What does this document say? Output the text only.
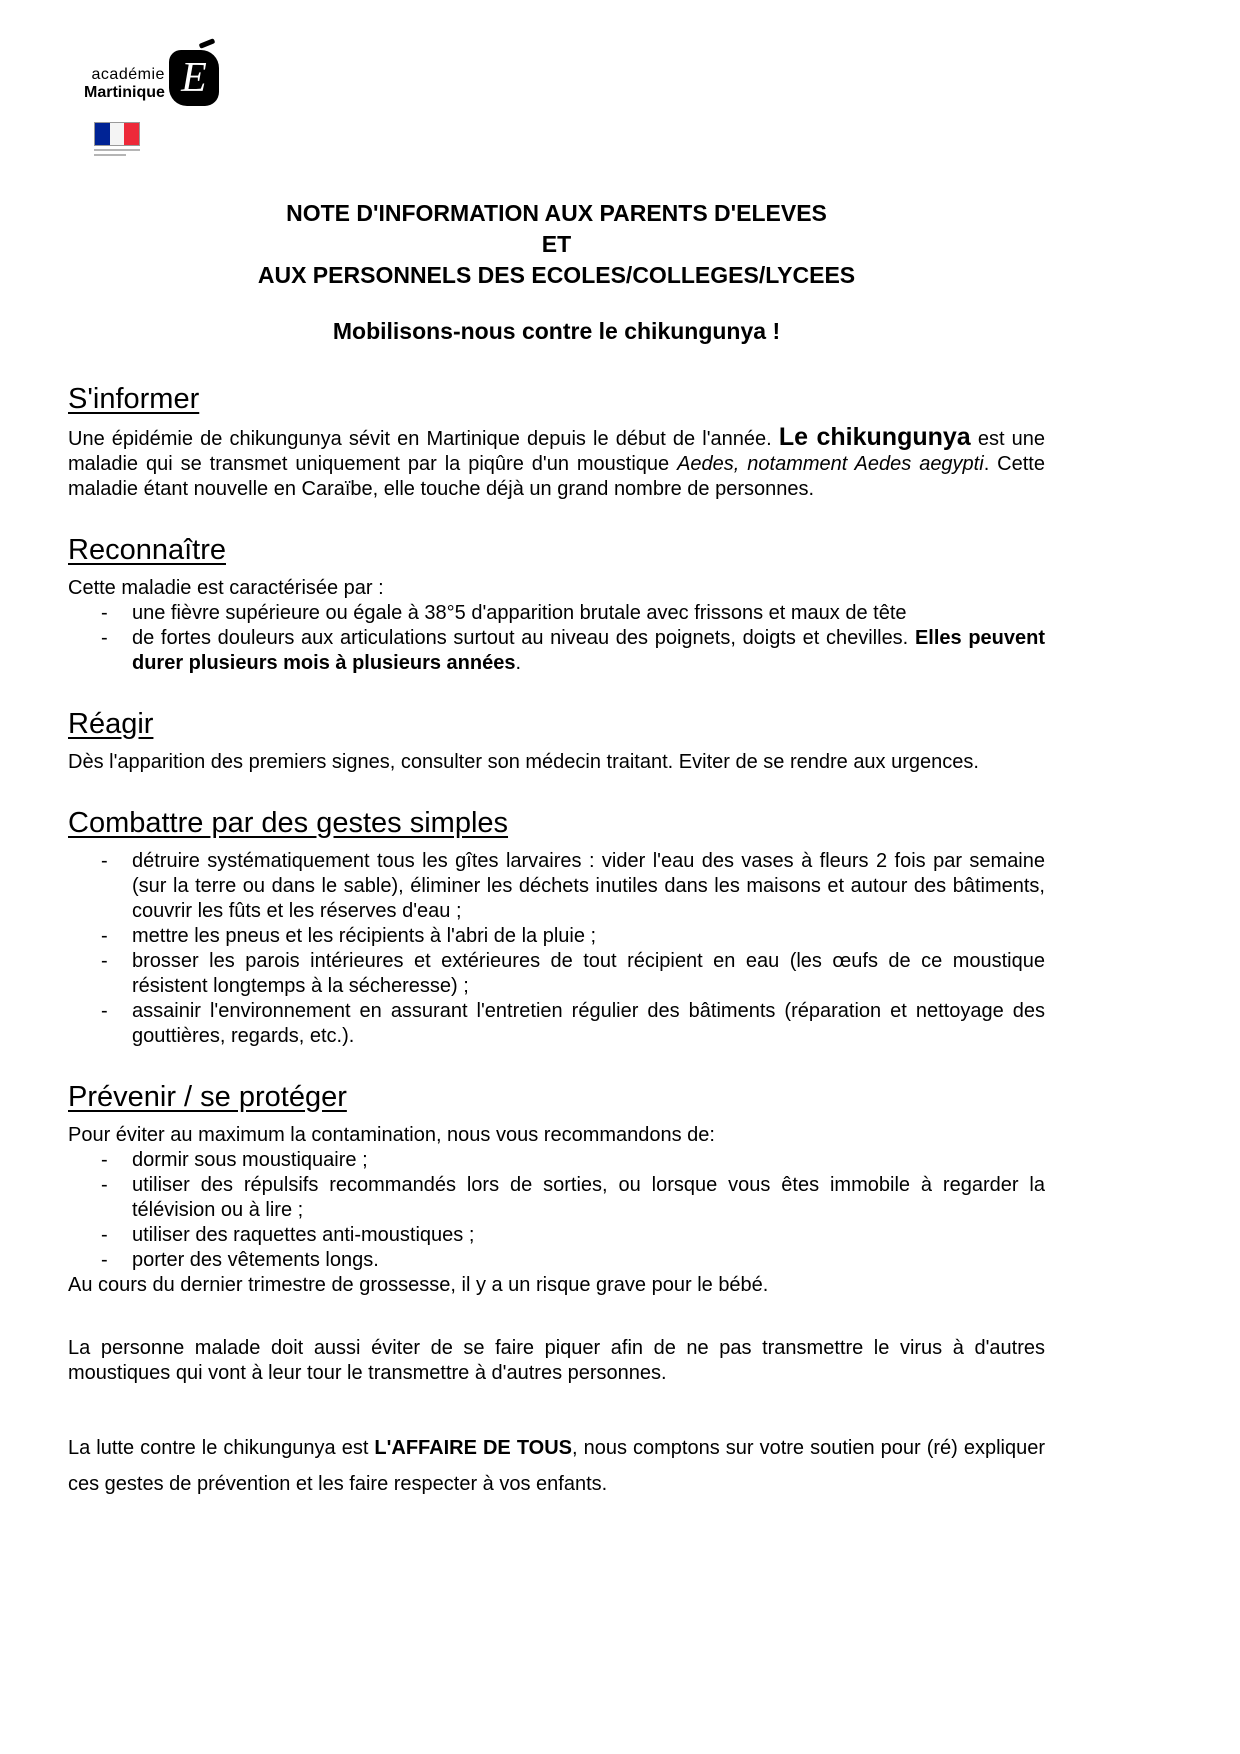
académie
Martinique E
NOTE D'INFORMATION AUX PARENTS D'ELEVES
ET
AUX PERSONNELS DES ECOLES/COLLEGES/LYCEES
Mobilisons-nous contre le chikungunya !
S'informer

Une épidémie de chikungunya sévit en Martinique depuis le début de l'année. Le chikungunya est une maladie qui se transmet uniquement par la piqûre d'un moustique Aedes, notamment Aedes aegypti. Cette maladie étant nouvelle en Caraïbe, elle touche déjà un grand nombre de personnes.

Reconnaître

Cette maladie est caractérisée par :

-	une fièvre supérieure ou égale à 38°5 d'apparition brutale avec frissons et maux de tête
-	de fortes douleurs aux articulations surtout au niveau des poignets, doigts et chevilles. Elles peuvent durer plusieurs mois à plusieurs années.
Réagir

Dès l'apparition des premiers signes, consulter son médecin traitant. Eviter de se rendre aux urgences.

Combattre par des gestes simples
-	détruire systématiquement tous les gîtes larvaires : vider l'eau des vases à fleurs 2 fois par semaine (sur la terre ou dans le sable), éliminer les déchets inutiles dans les maisons et autour des bâtiments, couvrir les fûts et les réserves d'eau ;
-	mettre les pneus et les récipients à l'abri de la pluie ;
-	brosser les parois intérieures et extérieures de tout récipient en eau (les œufs de ce moustique résistent longtemps à la sécheresse) ;
-	assainir l'environnement en assurant l'entretien régulier des bâtiments (réparation et nettoyage des gouttières, regards, etc.).
Prévenir / se protéger

Pour éviter au maximum la contamination, nous vous recommandons de:

-	dormir sous moustiquaire ;
-	utiliser des répulsifs recommandés lors de sorties, ou lorsque vous êtes immobile à regarder la télévision ou à lire ;
-	utiliser des raquettes anti-moustiques ;
-	porter des vêtements longs.

Au cours du dernier trimestre de grossesse, il y a un risque grave pour le bébé.

La personne malade doit aussi éviter de se faire piquer afin de ne pas transmettre le virus à d'autres moustiques qui vont à leur tour le transmettre à d'autres personnes.

La lutte contre le chikungunya est L'AFFAIRE DE TOUS, nous comptons sur votre soutien pour (ré) expliquer ces gestes de prévention et les faire respecter à vos enfants.
